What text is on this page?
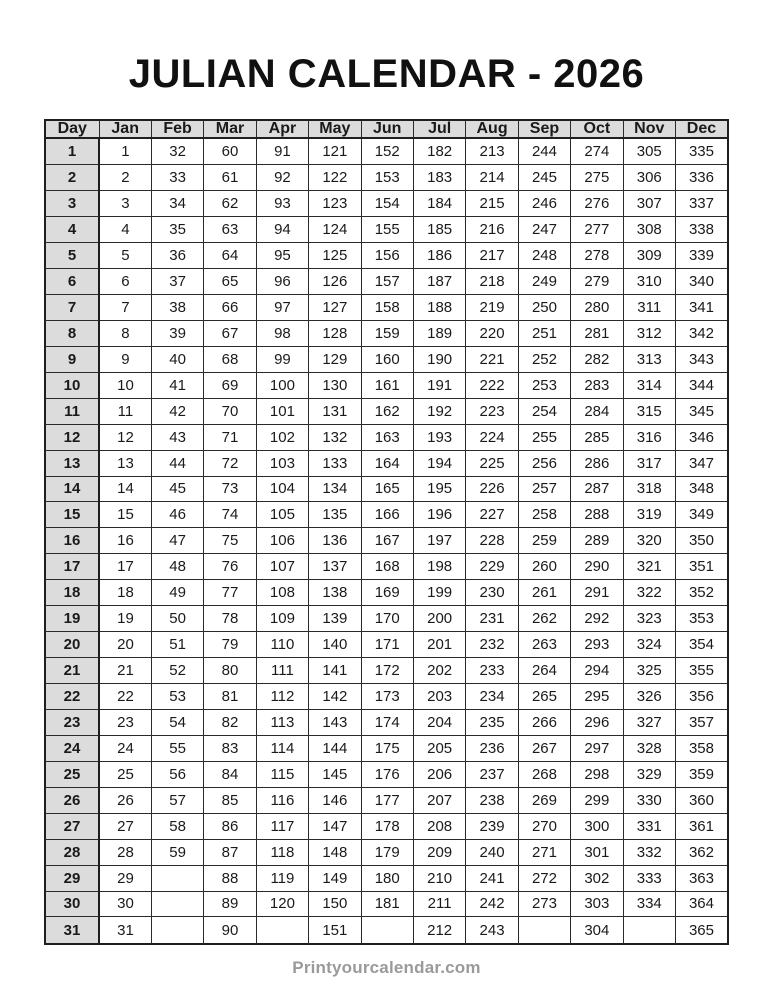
JULIAN CALENDAR - 2026
Day	Jan	Feb	Mar	Apr	May	Jun	Jul	Aug	Sep	Oct	Nov	Dec
1	1	32	60	91	121	152	182	213	244	274	305	335
2	2	33	61	92	122	153	183	214	245	275	306	336
3	3	34	62	93	123	154	184	215	246	276	307	337
4	4	35	63	94	124	155	185	216	247	277	308	338
5	5	36	64	95	125	156	186	217	248	278	309	339
6	6	37	65	96	126	157	187	218	249	279	310	340
7	7	38	66	97	127	158	188	219	250	280	311	341
8	8	39	67	98	128	159	189	220	251	281	312	342
9	9	40	68	99	129	160	190	221	252	282	313	343
10	10	41	69	100	130	161	191	222	253	283	314	344
11	11	42	70	101	131	162	192	223	254	284	315	345
12	12	43	71	102	132	163	193	224	255	285	316	346
13	13	44	72	103	133	164	194	225	256	286	317	347
14	14	45	73	104	134	165	195	226	257	287	318	348
15	15	46	74	105	135	166	196	227	258	288	319	349
16	16	47	75	106	136	167	197	228	259	289	320	350
17	17	48	76	107	137	168	198	229	260	290	321	351
18	18	49	77	108	138	169	199	230	261	291	322	352
19	19	50	78	109	139	170	200	231	262	292	323	353
20	20	51	79	110	140	171	201	232	263	293	324	354
21	21	52	80	111	141	172	202	233	264	294	325	355
22	22	53	81	112	142	173	203	234	265	295	326	356
23	23	54	82	113	143	174	204	235	266	296	327	357
24	24	55	83	114	144	175	205	236	267	297	328	358
25	25	56	84	115	145	176	206	237	268	298	329	359
26	26	57	85	116	146	177	207	238	269	299	330	360
27	27	58	86	117	147	178	208	239	270	300	331	361
28	28	59	87	118	148	179	209	240	271	301	332	362
29	29		88	119	149	180	210	241	272	302	333	363
30	30		89	120	150	181	211	242	273	303	334	364
31	31		90		151		212	243		304		365
Printyourcalendar.com
